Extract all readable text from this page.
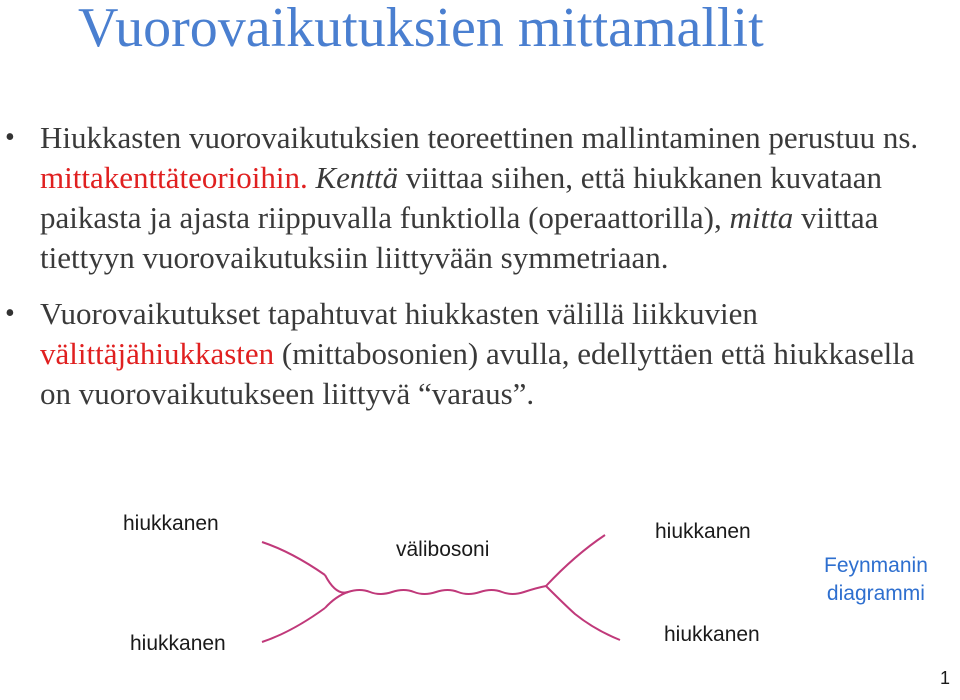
Vuorovaikutuksien mittamallit
• Hiukkasten vuorovaikutuksien teoreettinen mallintaminen perustuu ns. mittakenttäteorioihin. Kenttä viittaa siihen, että hiukkanen kuvataan paikasta ja ajasta riippuvalla funktiolla (operaattorilla), mitta viittaa tiettyyn vuorovaikutuksiin liittyvään symmetriaan.
• Vuorovaikutukset tapahtuvat hiukkasten välillä liikkuvien välittäjähiukkasten (mittabosonien) avulla, edellyttäen että hiukkasella on vuorovaikutukseen liittyvä “varaus”.
hiukkanen
hiukkanen
välibosoni
hiukkanen
hiukkanen
Feynmanin
diagrammi
1
